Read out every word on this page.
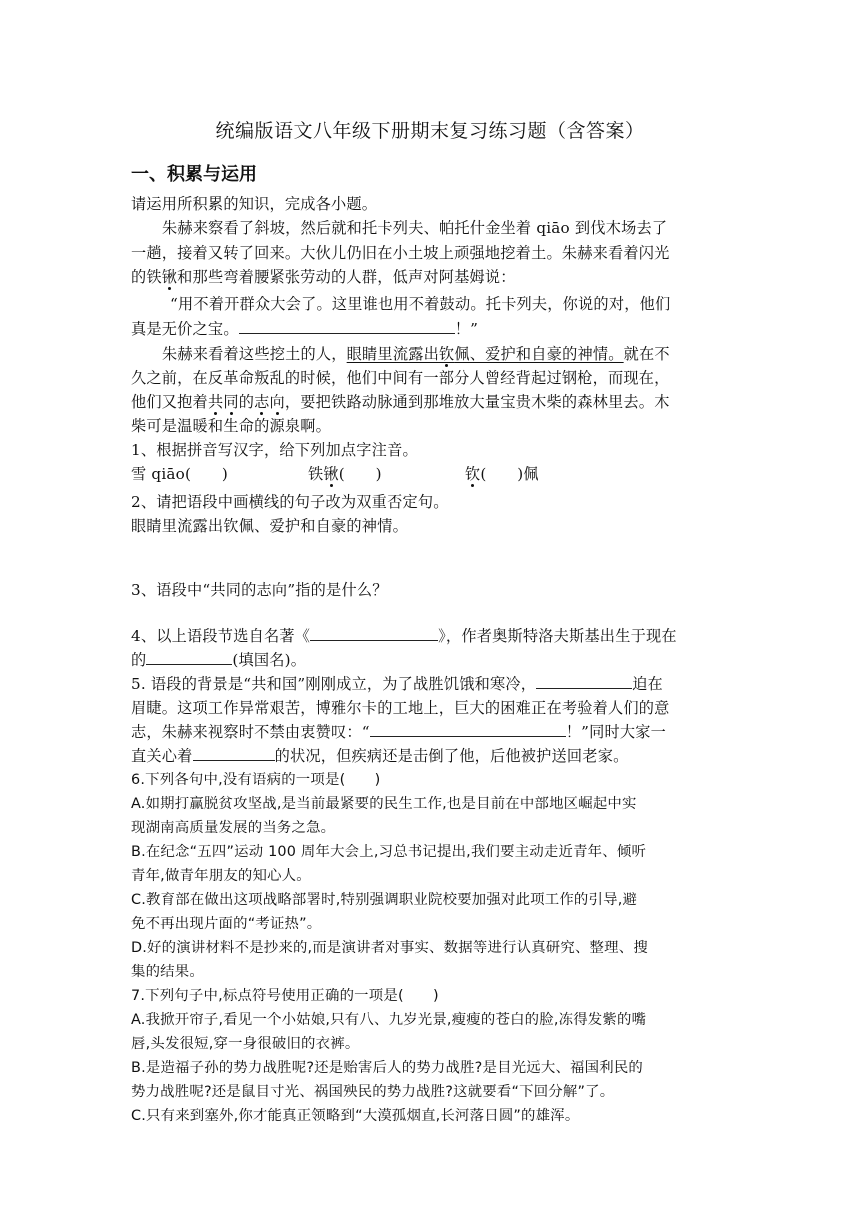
统编版语文八年级下册期末复习练习题（含答案）
一、积累与运用
请运用所积累的知识，完成各小题。
朱赫来察看了斜坡，然后就和托卡列夫、帕托什金坐着 qiāo 到伐木场去了
一趟，接着又转了回来。大伙儿仍旧在小土坡上顽强地挖着土。朱赫来看着闪光
的铁锹和那些弯着腰紧张劳动的人群，低声对阿基姆说：
“用不着开群众大会了。这里谁也用不着鼓动。托卡列夫，你说的对，他们
真是无价之宝。	！”
朱赫来看着这些挖土的人，眼睛里流露出钦佩、爱护和自豪的神情。就在不
久之前，在反革命叛乱的时候，他们中间有一部分人曾经背起过钢枪，而现在，
他们又抱着共同的志向，要把铁路动脉通到那堆放大量宝贵木柴的森林里去。木
柴可是温暖和生命的源泉啊。
1、根据拼音写汉字，给下列加点字注音。
雪 qiāo(　　)	铁锹(　　)	钦(　　)佩
2、请把语段中画横线的句子改为双重否定句。
眼睛里流露出钦佩、爱护和自豪的神情。
3、语段中“共同的志向”指的是什么？
4、以上语段节选自名著《	》，作者奥斯特洛夫斯基出生于现在
的	(填国名)。
5. 语段的背景是“共和国”刚刚成立，为了战胜饥饿和寒冷，	迫在
眉睫。这项工作异常艰苦，博雅尔卡的工地上，巨大的困难正在考验着人们的意
志，朱赫来视察时不禁由衷赞叹：“	！”同时大家一
直关心着	的状况，但疾病还是击倒了他，后他被护送回老家。
6.下列各句中,没有语病的一项是(　　)
A.如期打赢脱贫攻坚战,是当前最紧要的民生工作,也是目前在中部地区崛起中实
现湖南高质量发展的当务之急。
B.在纪念“五四”运动 100 周年大会上,习总书记提出,我们要主动走近青年、倾听
青年,做青年朋友的知心人。
C.教育部在做出这项战略部署时,特别强调职业院校要加强对此项工作的引导,避
免不再出现片面的“考证热”。
D.好的演讲材料不是抄来的,而是演讲者对事实、数据等进行认真研究、整理、搜
集的结果。
7.下列句子中,标点符号使用正确的一项是(　　)
A.我掀开帘子,看见一个小姑娘,只有八、九岁光景,瘦瘦的苍白的脸,冻得发紫的嘴
唇,头发很短,穿一身很破旧的衣裤。
B.是造福子孙的势力战胜呢?还是贻害后人的势力战胜?是目光远大、福国利民的
势力战胜呢?还是鼠目寸光、祸国殃民的势力战胜?这就要看“下回分解”了。
C.只有来到塞外,你才能真正领略到“大漠孤烟直,长河落日圆”的雄浑。
